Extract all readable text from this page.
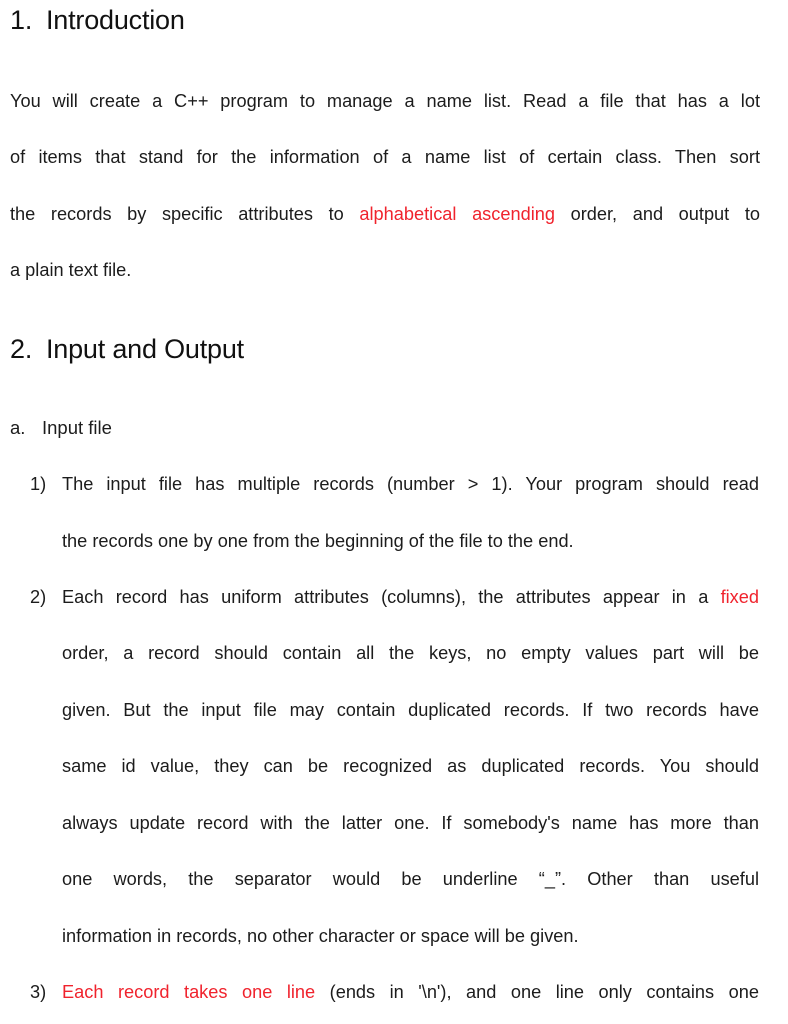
1. Introduction
You will create a C++ program to manage a name list. Read a file that has a lot
of items that stand for the information of a name list of certain class. Then sort
the records by specific attributes to alphabetical ascending order, and output to
a plain text file.
2. Input and Output
a. Input file
1) The input file has multiple records (number > 1). Your program should read
the records one by one from the beginning of the file to the end.
2) Each record has uniform attributes (columns), the attributes appear in a fixed
order, a record should contain all the keys, no empty values part will be
given. But the input file may contain duplicated records. If two records have
same id value, they can be recognized as duplicated records. You should
always update record with the latter one. If somebody's name has more than
one words, the separator would be underline “_”. Other than useful
information in records, no other character or space will be given.
3) Each record takes one line (ends in '\n'), and one line only contains one
